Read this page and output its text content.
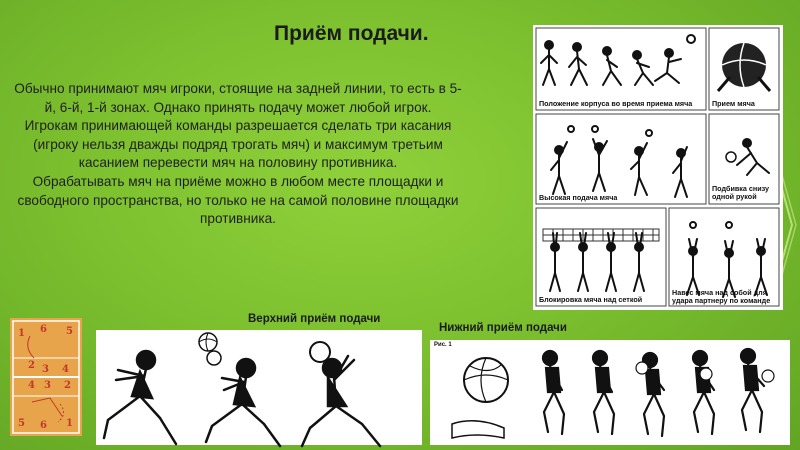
Приём подачи.

Обычно принимают мяч игроки, стоящие на задней линии, то есть в 5-й, 6-й, 1-й зонах. Однако принять подачу может любой игрок.

Игрокам принимающей команды разрешается сделать три касания (игроку нельзя дважды подряд трогать мяч) и максимум третьим касанием перевести мяч на половину противника.

Обрабатывать мяч на приёме можно в любом месте площадки и свободного пространства, но только не на самой половине площадки противника.

Положение корпуса во время приема мяча	Прием мяча
Высокая подача мяча
Подбивка снизу одной рукой
Блокировка мяча над сеткой
Навес мяча над собой для удара партнеру по команде
1 6 5
2 3 4
4 3 2
5 6 1
Верхний приём подачи
Нижний приём подачи
Рис. 1
